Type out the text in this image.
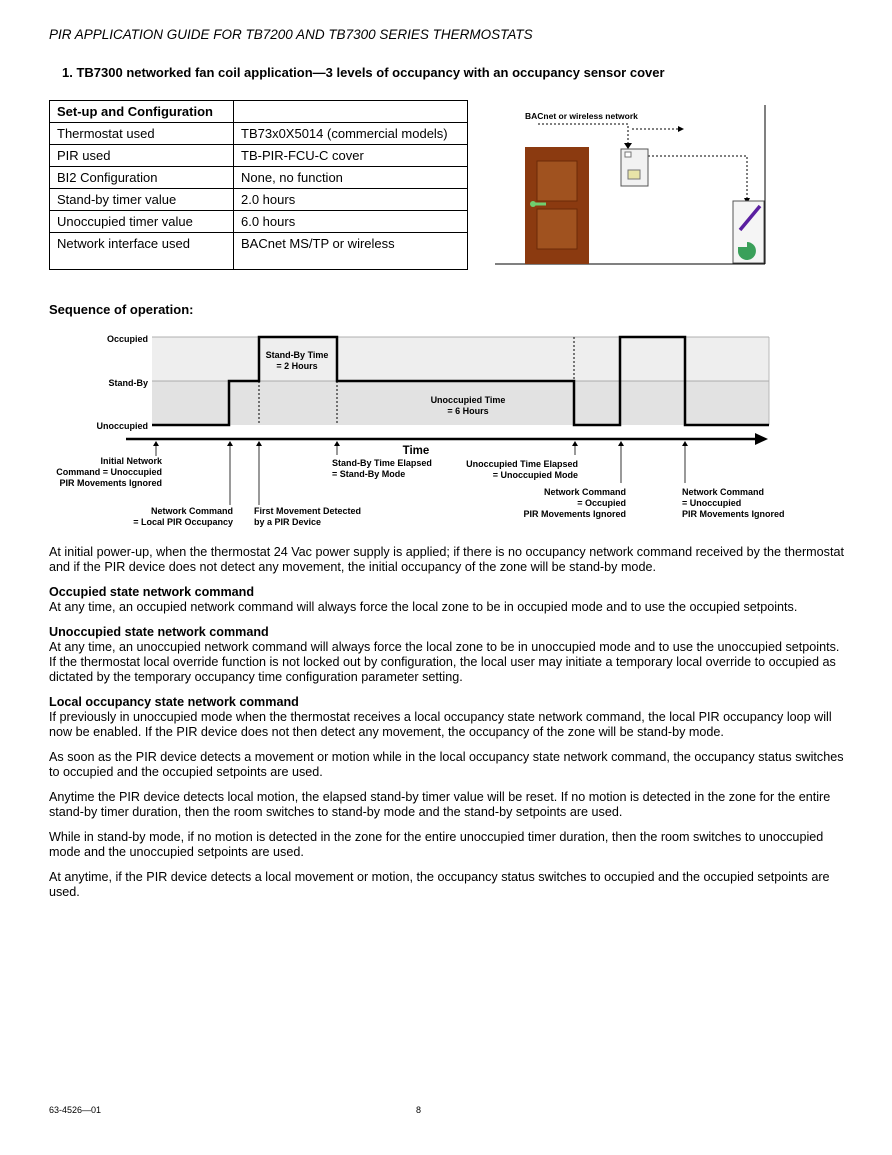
PIR APPLICATION GUIDE FOR TB7200 AND TB7300 SERIES THERMOSTATS
1. TB7300 networked fan coil application—3 levels of occupancy with an occupancy sensor cover
Set-up and Configuration	
Thermostat used	TB73x0X5014 (commercial models)
PIR used	TB-PIR-FCU-C cover
BI2 Configuration	None, no function
Stand-by timer value	2.0 hours
Unoccupied timer value	6.0 hours
Network interface used	BACnet MS/TP or wireless
BACnet or wireless network
Sequence of operation:
Occupied
Stand-By
Unoccupied
Stand-By Time
= 2 Hours
Unoccupied Time
= 6 Hours
Time
Initial Network
Command = Unoccupied
PIR Movements Ignored
Network Command
= Local PIR Occupancy
First Movement Detected
by a PIR Device
Stand-By Time Elapsed
= Stand-By Mode
Unoccupied Time Elapsed
= Unoccupied Mode
Network Command
= Occupied
PIR Movements Ignored
Network Command
= Unoccupied
PIR Movements Ignored

At initial power-up, when the thermostat 24 Vac power supply is applied; if there is no occupancy network command received by the thermostat and if the PIR device does not detect any movement, the initial occupancy of the zone will be stand-by mode.

Occupied state network command

At any time, an occupied network command will always force the local zone to be in occupied mode and to use the occupied setpoints.

Unoccupied state network command

At any time, an unoccupied network command will always force the local zone to be in unoccupied mode and to use the unoccupied setpoints. If the thermostat local override function is not locked out by configuration, the local user may initiate a temporary local override to occupied as dictated by the temporary occupancy time configuration parameter setting.

Local occupancy state network command

If previously in unoccupied mode when the thermostat receives a local occupancy state network command, the local PIR occupancy loop will now be enabled. If the PIR device does not then detect any movement, the occupancy of the zone will be stand-by mode.

As soon as the PIR device detects a movement or motion while in the local occupancy state network command, the occupancy status switches to occupied and the occupied setpoints are used.

Anytime the PIR device detects local motion, the elapsed stand-by timer value will be reset. If no motion is detected in the zone for the entire stand-by timer duration, then the room switches to stand-by mode and the stand-by setpoints are used.

While in stand-by mode, if no motion is detected in the zone for the entire unoccupied timer duration, then the room switches to unoccupied mode and the unoccupied setpoints are used.

At anytime, if the PIR device detects a local movement or motion, the occupancy status switches to occupied and the occupied setpoints are used.

63-4526—01	8
